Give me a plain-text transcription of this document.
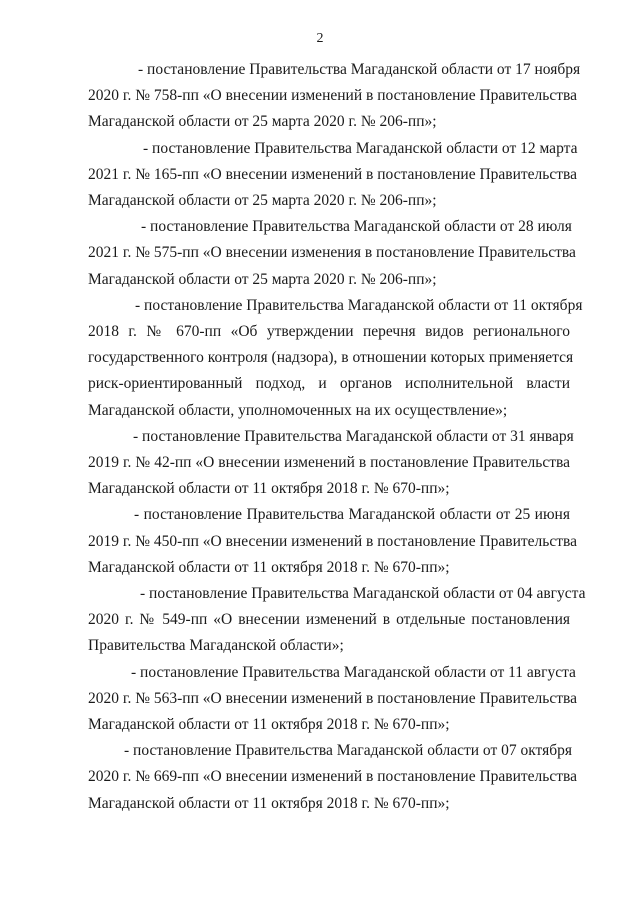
2

- постановление Правительства Магаданской области от 17 ноября
2020 г. № 758-пп «О внесении изменений в постановление Правительства
Магаданской области от 25 марта 2020 г. № 206-пп»;

- постановление Правительства Магаданской области от 12 марта
2021 г. № 165-пп «О внесении изменений в постановление Правительства
Магаданской области от 25 марта 2020 г. № 206-пп»;

- постановление Правительства Магаданской области от 28 июля
2021 г. № 575-пп «О внесении изменения в постановление Правительства
Магаданской области от 25 марта 2020 г. № 206-пп»;

- постановление Правительства Магаданской области от 11 октября
2018 г. № 670-пп «Об утверждении перечня видов регионального
государственного контроля (надзора), в отношении которых применяется
риск-ориентированный подход, и органов исполнительной власти
Магаданской области, уполномоченных на их осуществление»;

- постановление Правительства Магаданской области от 31 января
2019 г. № 42-пп «О внесении изменений в постановление Правительства
Магаданской области от 11 октября 2018 г. № 670-пп»;

- постановление Правительства Магаданской области от 25 июня
2019 г. № 450-пп «О внесении изменений в постановление Правительства
Магаданской области от 11 октября 2018 г. № 670-пп»;

- постановление Правительства Магаданской области от 04 августа
2020 г. № 549-пп «О внесении изменений в отдельные постановления
Правительства Магаданской области»;

- постановление Правительства Магаданской области от 11 августа
2020 г. № 563-пп «О внесении изменений в постановление Правительства
Магаданской области от 11 октября 2018 г. № 670-пп»;

- постановление Правительства Магаданской области от 07 октября
2020 г. № 669-пп «О внесении изменений в постановление Правительства
Магаданской области от 11 октября 2018 г. № 670-пп»;
